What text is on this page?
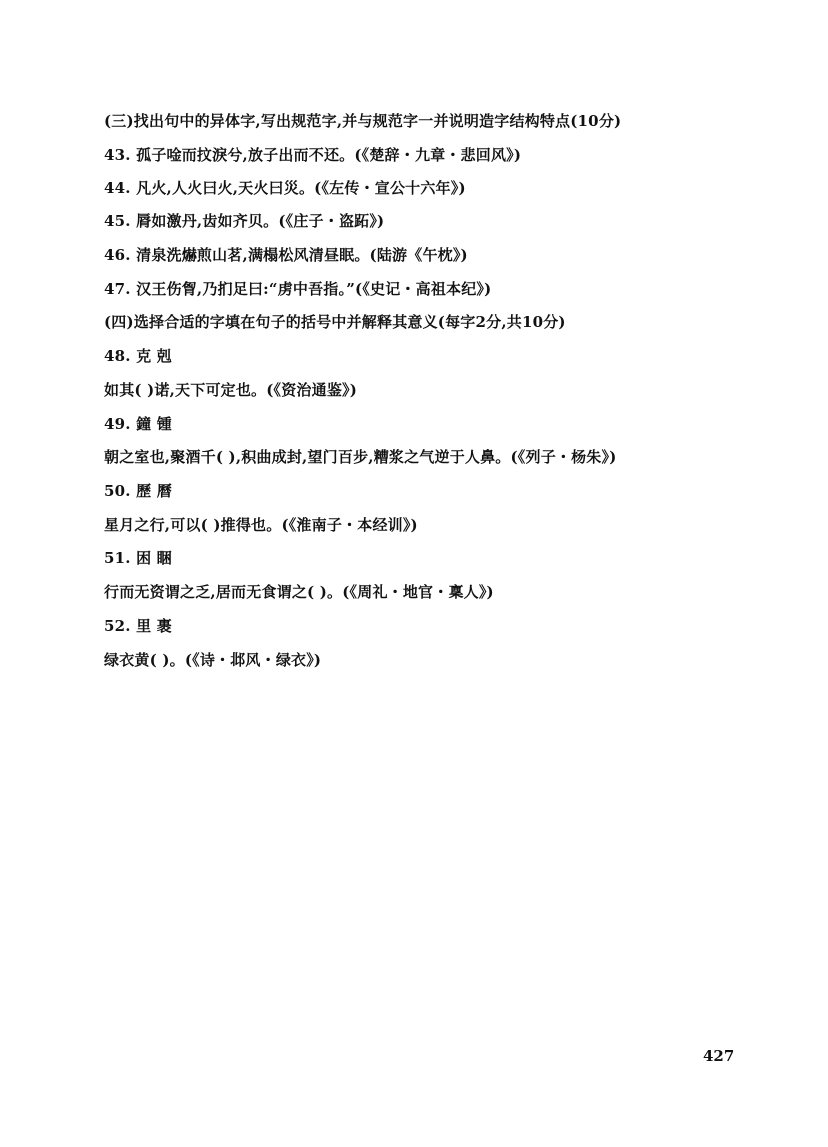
(三)找出句中的异体字,写出规范字,并与规范字一并说明造字结构特点(10分)
43. 孤子唫而抆淚兮,放子出而不还。(《楚辞・九章・悲回风》)
44. 凡火,人火曰火,天火曰災。(《左传・宣公十六年》)
45. 脣如激丹,齿如齐贝。(《庄子・盗跖》)
46. 清泉洗爀煎山茗,满榻松风清昼眠。(陆游《午枕》)
47. 汉王伤胷,乃扪足曰:“虏中吾指。”(《史记・高祖本纪》)
(四)选择合适的字填在句子的括号中并解释其意义(每字2分,共10分)
48. 克 剋
如其( )诺,天下可定也。(《资治通鉴》)
49. 鐘 锺
朝之室也,聚酒千( ),积曲成封,望门百步,糟浆之气逆于人鼻。(《列子・杨朱》)
50. 歷 曆
星月之行,可以( )推得也。(《淮南子・本经训》)
51. 困 睏
行而无资谓之乏,居而无食谓之( )。(《周礼・地官・稟人》)
52. 里 裹
绿衣黄( )。(《诗・邶风・绿衣》)
427
